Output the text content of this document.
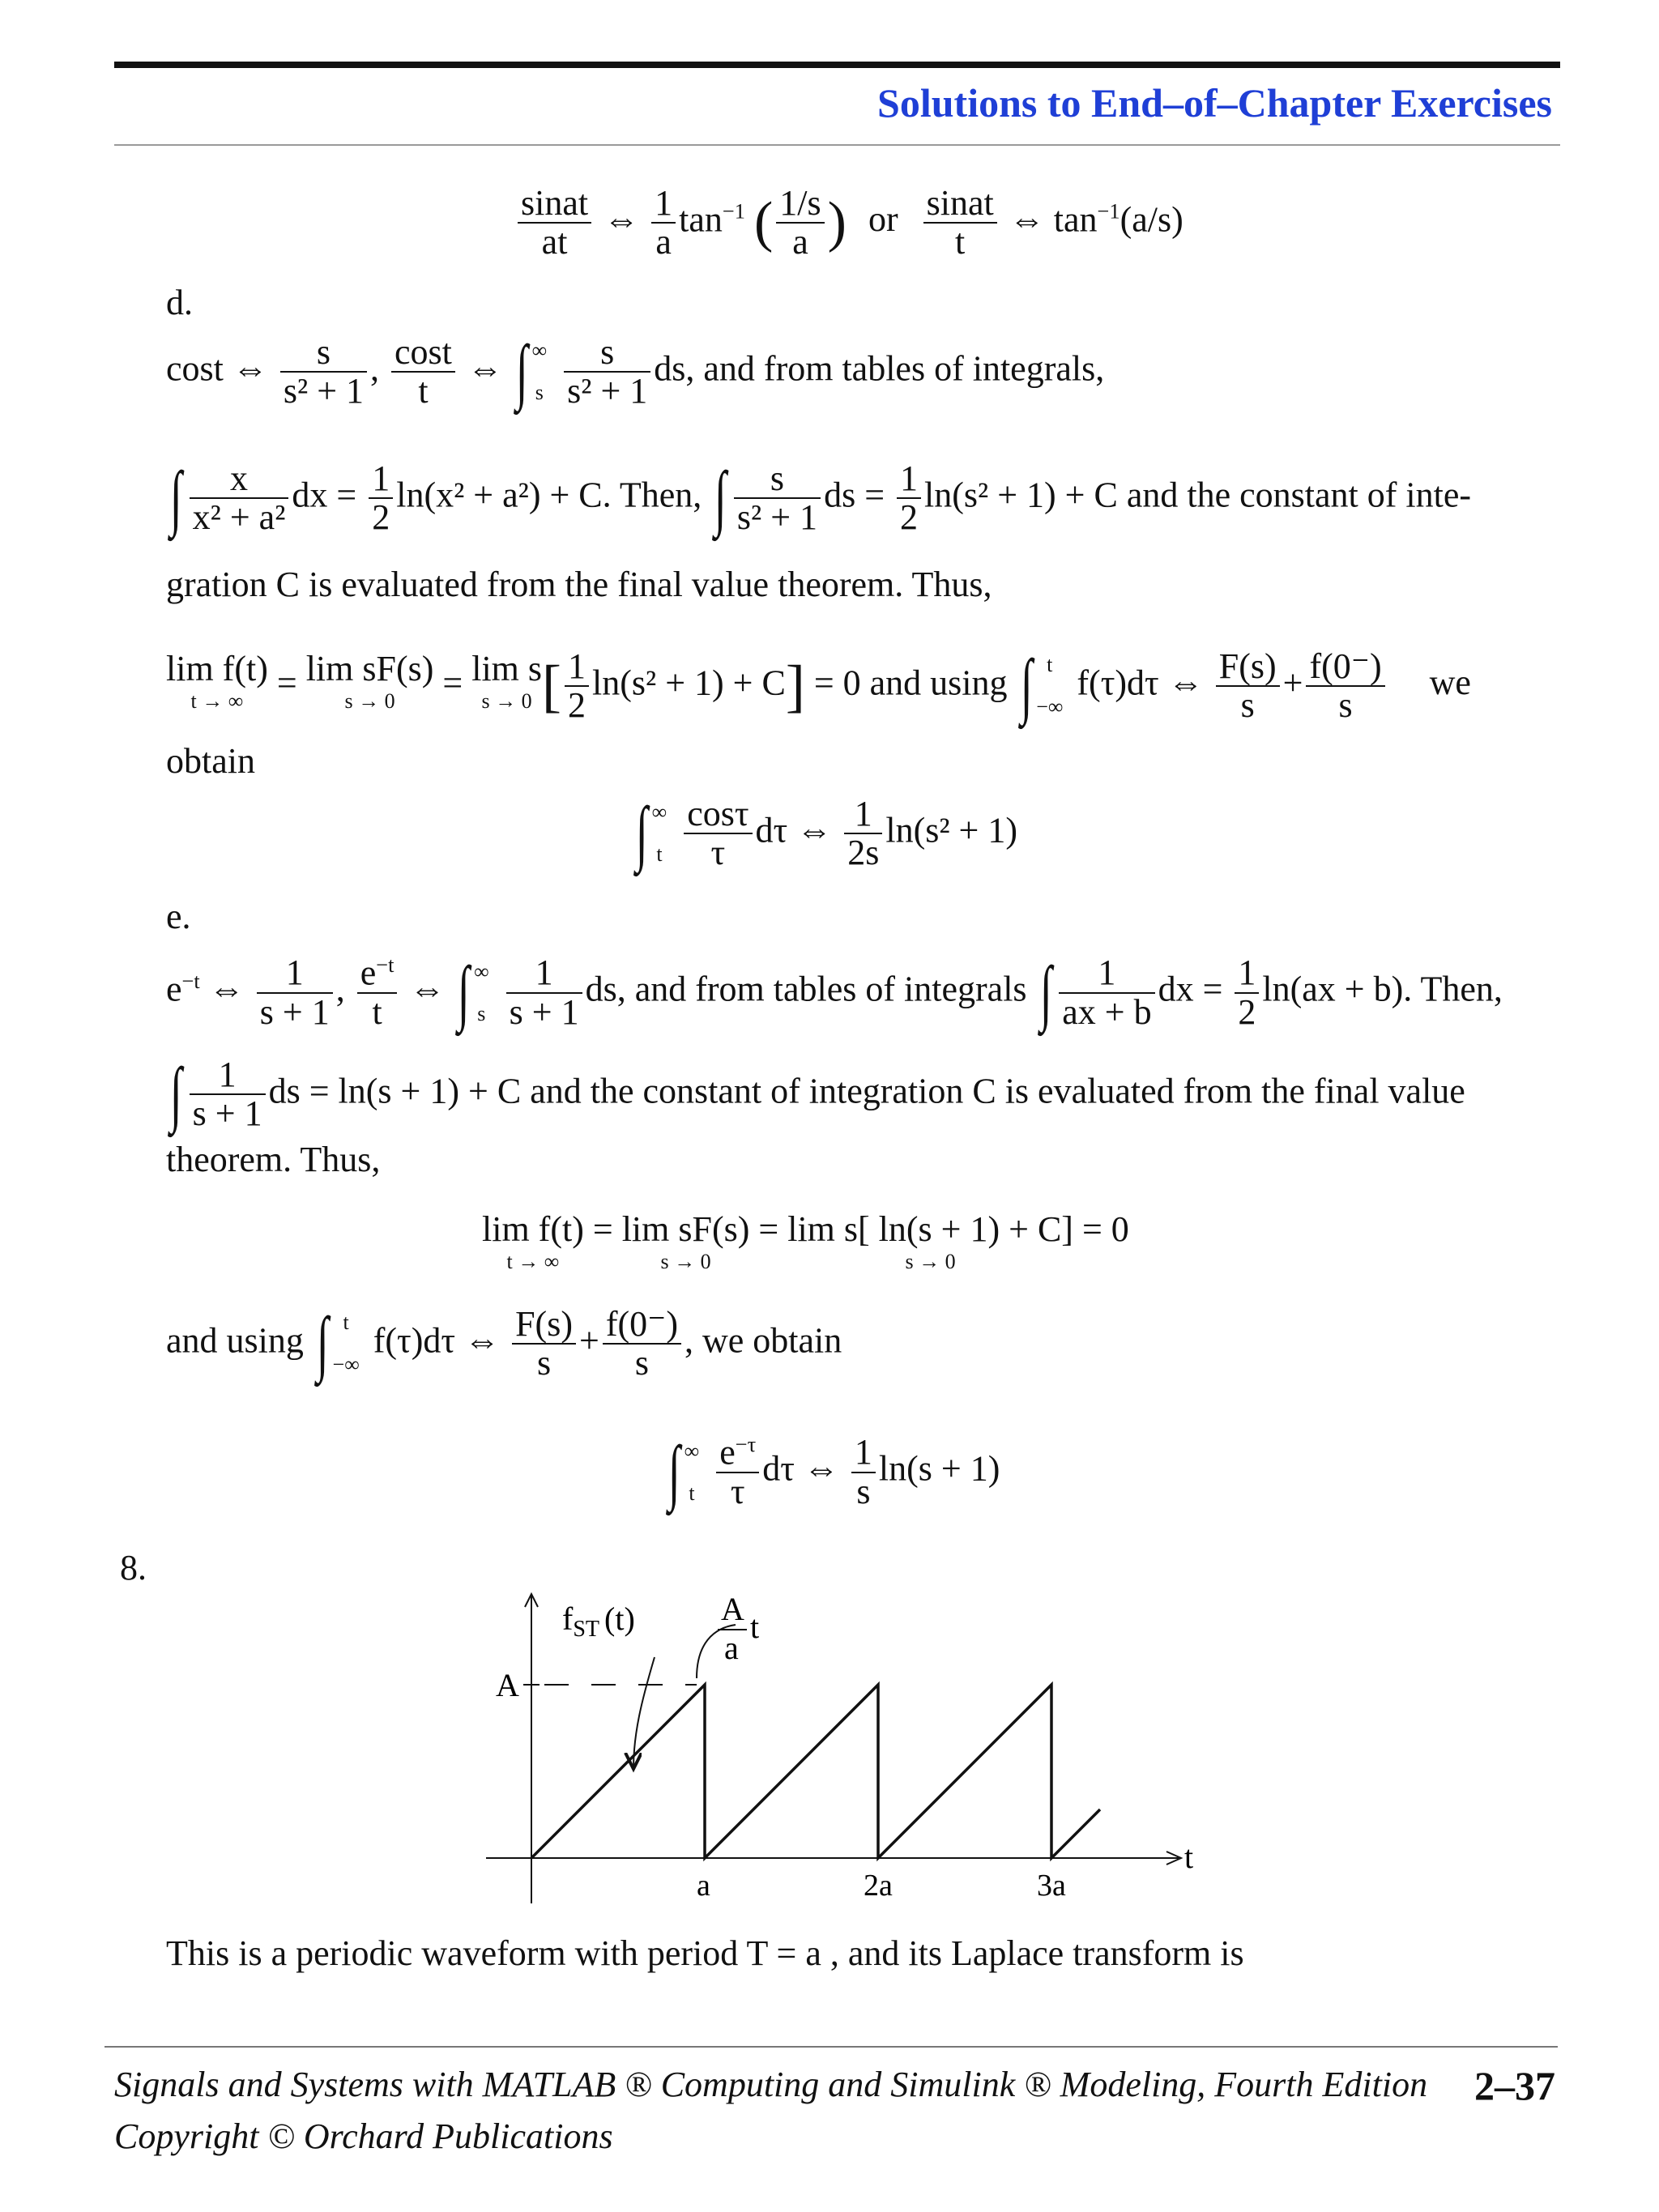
Solutions to End–of–Chapter Exercises
$\frac{\text{sinat}}{at}$ ⇔ $\frac{1}{a} \tan^{-1}$ ( $\frac{1/s}{a}$ ) or $\frac{\text{sinat}}{t}$ ⇔ $\tan^{-1}(a/s)$
d.
cost ⇔ $\frac{s}{\text{s² + 1}}$ , $\frac{\cos t}{t}$ ⇔ ∫ ∞

s $\frac{s}{\text{s² + 1}}$ ds, and from tables of integrals,
∫ $\frac{x}{\text{x² + a²}}$ dx = $\frac{1}{2} \ln(x^2 + a^2) + C$. Then, ∫ $\frac{s}{\text{s² + 1}}$ ds = $\frac{1}{2} \ln(s^2 + 1) + C$ and the constant of inte-
gration C is evaluated from the final value theorem. Thus,
lim f(t)
t → ∞ = lim sF(s)
s → 0	= lim s
s → 0 [ $\frac{1}{2} \ln(s^2 + 1) + C] = 0$ and using ∫ t

−∞ f(τ)dτ ⇔ $\frac{F(s)}{s} + \frac{f(0^-)}{s}$ we
obtain
∫ ∞

t $\frac{\cos\tau}{\tau}$ dτ ⇔ $\frac{1}{2s} \ln(s^2 + 1)$
e.
$e^{-t}$ ⇔ $\frac{1}{s + 1}$ , $\frac{e^{-t}}{t}$ ⇔ ∫ ∞

s $\frac{1}{s + 1}$ ds, and from tables of integrals ∫ $\frac{1}{ax + b}$ dx = $\frac{1}{2} \ln(ax + b)$. Then,
∫ $\frac{1}{s + 1}$ ds = ln(s + 1) + C and the constant of integration C is evaluated from the final value
theorem. Thus,
lim f(t)
t → ∞
= lim sF(s)
s → 0
= lim s[ ln(s + 1) + C]
s → 0
= 0
and using ∫ t

−∞ f(τ)dτ ⇔ $\frac{F(s)}{s} + \frac{f(0^-)}{s}$ , we obtain
∫ ∞

t $\frac{e^{-\tau}}{\tau}$ dτ ⇔ $\frac{1}{s} \ln(s + 1)$
8.
$f_{ST}$ (t)	A
a
t
A
t
a	2a	3a
This is a periodic waveform with period T = a , and its Laplace transform is
Signals and Systems with MATLAB ® Computing and Simulink ® Modeling, Fourth Edition
Copyright © Orchard Publications
2–37
